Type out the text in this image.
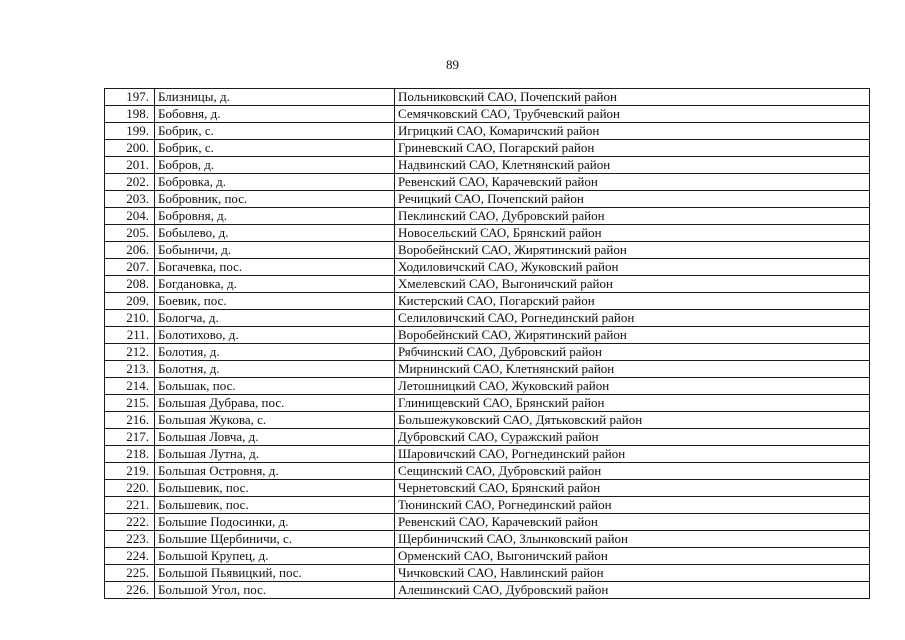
89
197.	Близницы, д.	Польниковский САО, Почепский район
198.	Бобовня, д.	Семячковский САО, Трубчевский район
199.	Бобрик, с.	Игрицкий САО, Комаричский район
200.	Бобрик, с.	Гриневский САО, Погарский район
201.	Бобров, д.	Надвинский САО, Клетнянский район
202.	Бобровка, д.	Ревенский САО, Карачевский район
203.	Бобровник, пос.	Речицкий САО, Почепский район
204.	Бобровня, д.	Пеклинский САО, Дубровский район
205.	Бобылево, д.	Новосельский САО, Брянский район
206.	Бобыничи, д.	Воробейнский САО, Жирятинский район
207.	Богачевка, пос.	Ходиловичский САО, Жуковский район
208.	Богдановка, д.	Хмелевский САО, Выгоничский район
209.	Боевик, пос.	Кистерский САО, Погарский район
210.	Бологча, д.	Селиловичский САО, Рогнединский район
211.	Болотихово, д.	Воробейнский САО, Жирятинский район
212.	Болотия, д.	Рябчинский САО, Дубровский район
213.	Болотня, д.	Мирнинский САО, Клетнянский район
214.	Большак, пос.	Летошницкий САО, Жуковский район
215.	Большая Дубрава, пос.	Глинищевский САО, Брянский район
216.	Большая Жукова, с.	Большежуковский САО, Дятьковский район
217.	Большая Ловча, д.	Дубровский САО, Суражский район
218.	Большая Лутна, д.	Шаровичский САО, Рогнединский район
219.	Большая Островня, д.	Сещинский САО, Дубровский район
220.	Большевик, пос.	Чернетовский САО, Брянский район
221.	Большевик, пос.	Тюнинский САО, Рогнединский район
222.	Большие Подосинки, д.	Ревенский САО, Карачевский район
223.	Большие Щербиничи, с.	Щербиничский САО, Злынковский район
224.	Большой Крупец, д.	Орменский САО, Выгоничский район
225.	Большой Пьявицкий, пос.	Чичковский САО, Навлинский район
226.	Большой Угол, пос.	Алешинский САО, Дубровский район
